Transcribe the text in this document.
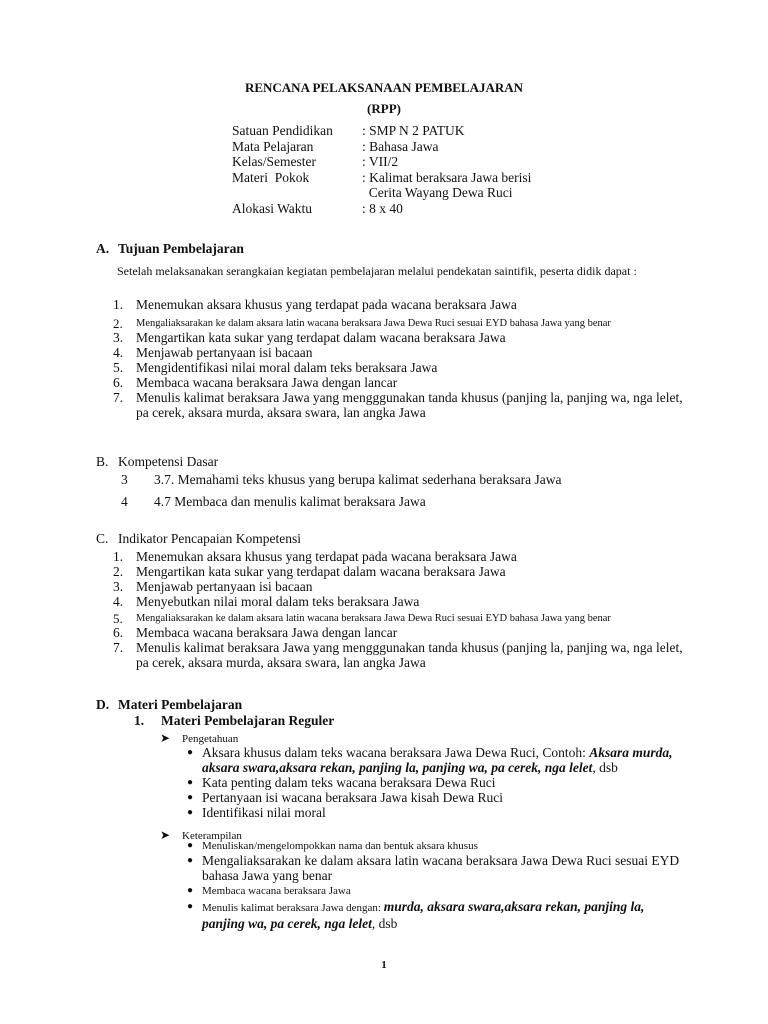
RENCANA PELAKSANAAN PEMBELAJARAN
(RPP)
Satuan Pendidikan	: SMP N 2 PATUK
Mata Pelajaran	: Bahasa Jawa
Kelas/Semester	: VII/2
Materi  Pokok	: Kalimat beraksara Jawa berisi
Cerita Wayang Dewa Ruci
Alokasi Waktu	: 8 x 40
A. Tujuan Pembelajaran
Setelah melaksanakan serangkaian kegiatan pembelajaran melalui pendekatan saintifik, peserta didik dapat :
1. Menemukan aksara khusus yang terdapat pada wacana beraksara Jawa
2.	Mengaliaksarakan ke dalam aksara latin wacana beraksara Jawa Dewa Ruci sesuai EYD bahasa Jawa yang benar
3. Mengartikan kata sukar yang terdapat dalam wacana beraksara Jawa
4. Menjawab pertanyaan isi bacaan
5. Mengidentifikasi nilai moral dalam teks beraksara Jawa
6. Membaca wacana beraksara Jawa dengan lancar
7. Menulis kalimat beraksara Jawa yang mengggunakan tanda khusus (panjing la, panjing wa, nga lelet, pa cerek, aksara murda, aksara swara, lan angka Jawa
B. Kompetensi Dasar
3 3.7. Memahami teks khusus yang berupa kalimat sederhana beraksara Jawa
4 4.7 Membaca dan menulis kalimat beraksara Jawa
C. Indikator Pencapaian Kompetensi
1. Menemukan aksara khusus yang terdapat pada wacana beraksara Jawa
2. Mengartikan kata sukar yang terdapat dalam wacana beraksara Jawa
3. Menjawab pertanyaan isi bacaan
4. Menyebutkan nilai moral dalam teks beraksara Jawa
5.	Mengaliaksarakan ke dalam aksara latin wacana beraksara Jawa Dewa Ruci sesuai EYD bahasa Jawa yang benar
6. Membaca wacana beraksara Jawa dengan lancar
7. Menulis kalimat beraksara Jawa yang mengggunakan tanda khusus (panjing la, panjing wa, nga lelet, pa cerek, aksara murda, aksara swara, lan angka Jawa
D. Materi Pembelajaran
1. Materi Pembelajaran Reguler
➤ Pengetahuan
● Aksara khusus dalam teks wacana beraksara Jawa Dewa Ruci, Contoh: Aksara murda, aksara swara,aksara rekan, panjing la, panjing wa, pa cerek, nga lelet, dsb
● Kata penting dalam teks wacana beraksara Dewa Ruci
● Pertanyaan isi wacana beraksara Jawa kisah Dewa Ruci
● Identifikasi nilai moral
➤ Keterampilan
● Menuliskan/mengelompokkan nama dan bentuk aksara khusus
● Mengaliaksarakan ke dalam aksara latin wacana beraksara Jawa Dewa Ruci sesuai EYD bahasa Jawa yang benar
● Membaca wacana beraksara Jawa
● Menulis kalimat beraksara Jawa dengan: murda, aksara swara,aksara rekan, panjing la, panjing wa, pa cerek, nga lelet, dsb
1
